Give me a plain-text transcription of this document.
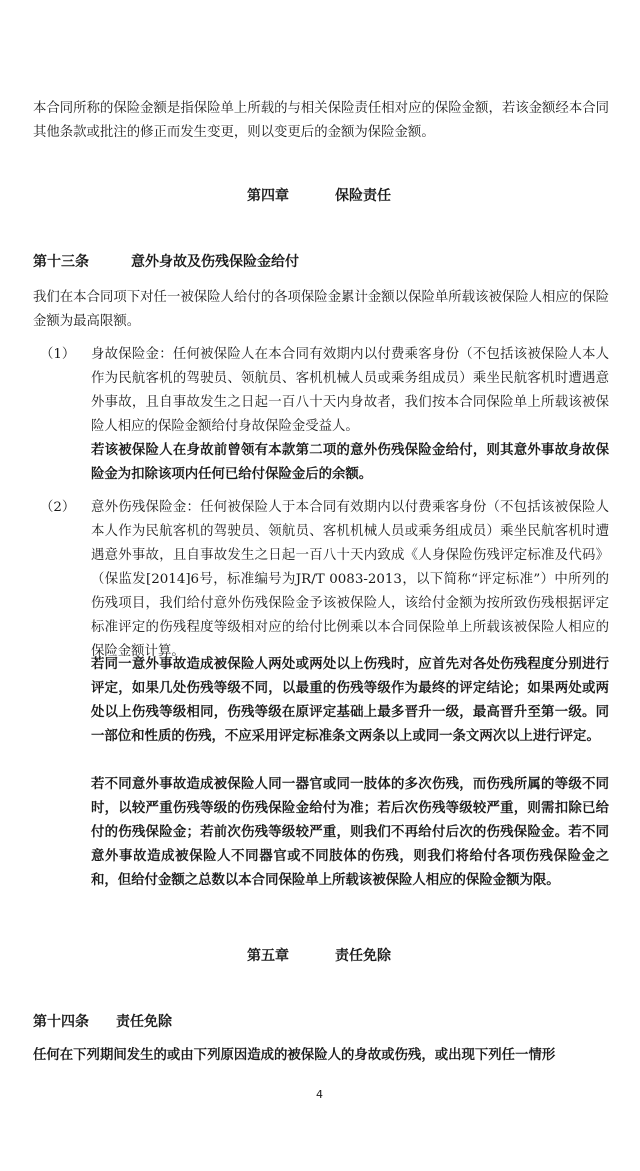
本合同所称的保险金额是指保险单上所载的与相关保险责任相对应的保险金额，若该金额经本合同其他条款或批注的修正而发生变更，则以变更后的金额为保险金额。

第四章	保险责任

第十三条	意外身故及伤残保险金给付

我们在本合同项下对任一被保险人给付的各项保险金累计金额以保险单所载该被保险人相应的保险金额为最高限额。

（1） 身故保险金：任何被保险人在本合同有效期内以付费乘客身份（不包括该被保险人本人作为民航客机的驾驶员、领航员、客机机械人员或乘务组成员）乘坐民航客机时遭遇意外事故，且自事故发生之日起一百八十天内身故者，我们按本合同保险单上所载该被保险人相应的保险金额给付身故保险金受益人。

若该被保险人在身故前曾领有本款第二项的意外伤残保险金给付，则其意外事故身故保险金为扣除该项内任何已给付保险金后的余额。

（2） 意外伤残保险金：任何被保险人于本合同有效期内以付费乘客身份（不包括该被保险人本人作为民航客机的驾驶员、领航员、客机机械人员或乘务组成员）乘坐民航客机时遭遇意外事故，且自事故发生之日起一百八十天内致成《人身保险伤残评定标准及代码》（保监发[2014]6号，标准编号为JR/T 0083-2013，以下简称“评定标准”）中所列的伤残项目，我们给付意外伤残保险金予该被保险人，该给付金额为按所致伤残根据评定标准评定的伤残程度等级相对应的给付比例乘以本合同保险单上所载该被保险人相应的保险金额计算。

若同一意外事故造成被保险人两处或两处以上伤残时，应首先对各处伤残程度分别进行评定，如果几处伤残等级不同，以最重的伤残等级作为最终的评定结论；如果两处或两处以上伤残等级相同，伤残等级在原评定基础上最多晋升一级，最高晋升至第一级。同一部位和性质的伤残，不应采用评定标准条文两条以上或同一条文两次以上进行评定。

若不同意外事故造成被保险人同一器官或同一肢体的多次伤残，而伤残所属的等级不同时，以较严重伤残等级的伤残保险金给付为准；若后次伤残等级较严重，则需扣除已给付的伤残保险金；若前次伤残等级较严重，则我们不再给付后次的伤残保险金。若不同意外事故造成被保险人不同器官或不同肢体的伤残，则我们将给付各项伤残保险金之和，但给付金额之总数以本合同保险单上所载该被保险人相应的保险金额为限。

第五章	责任免除

第十四条 责任免除

任何在下列期间发生的或由下列原因造成的被保险人的身故或伤残，或出现下列任一情形

4
